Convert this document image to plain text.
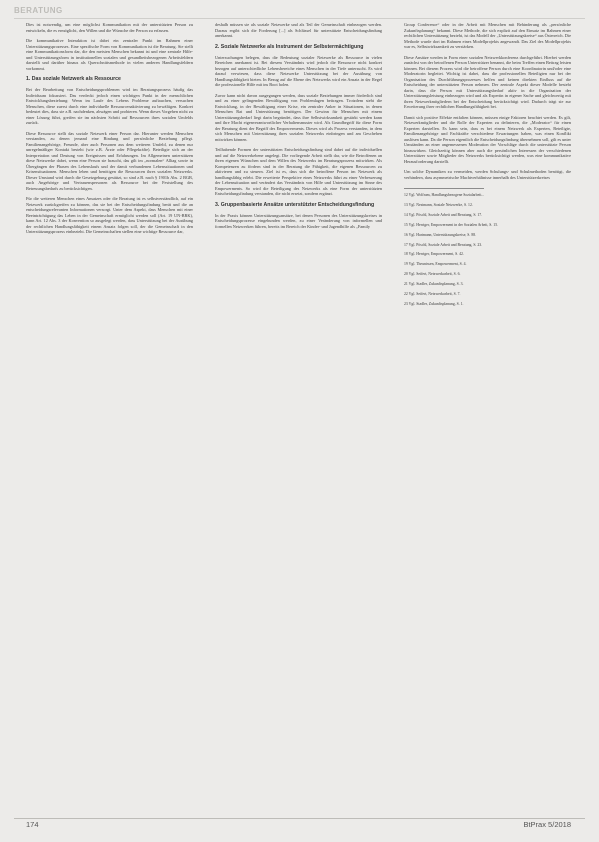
BERATUNG

Dies ist notwendig, um eine möglichst Kommunikation mit der unterstützten Person zu entwickeln, die es ermöglicht, den Willen und die Wünsche der Person zu erfassen.

Die kommunikative Interaktion ist dabei ein zentraler Punkt im Rahmen einer Unterstützungsprozesses. Eine spezifische Form von Kommunikation ist die Beratung. Sie stellt eine Kommunikationsform dar, die den meisten Menschen bekannt ist und eine zentrale Hilfe- und Unterstützungsform in institutionellen sozialen und gesundheitsbezogenen Arbeitsfeldern darstellt und darüber hinaus als Querschnittsmethode in vielen anderen Handlungsfeldern vorkommt.

1. Das soziale Netzwerk als Ressource

Bei der Bearbeitung von Entscheidungsproblemen wird im Beratungsprozess häufig das Individuum fokussiert. Das verdeckt jedoch einen wichtigen Punkt in der menschlichen Entwicklungsbeziehung: Wenn im Laufe des Lebens Probleme auftauchen, versuchen Menschen, diese zuerst durch eine individuelle Ressourcenaktivierung zu bewältigen. Konkret bedeutet dies, dass sie z.B. nachdenken, abwägen und probieren. Wenn dieses Vorgehen nicht zu einer Lösung führt, greifen sie im nächsten Schritt auf Ressourcen ihres sozialen Umfelds zurück.

Diese Ressource stellt das soziale Netzwerk einer Person dar. Hierunter werden Menschen verstanden, zu denen jemand eine Bindung und persönliche Beziehung pflegt. Familienangehörige, Freunde, aber auch Personen aus dem weiteren Umfeld, zu denen nur unregelmäßiger Kontakt besteht (wie z.B. Ärzte oder Pflegekräfte). Beteiligte sich an der Interpretation und Deutung von Ereignissen und Erfahrungen. Im Allgemeinen unterstützen diese Netzwerke dabei, wenn eine Person sie braucht, das gilt im „normalen“ Alltag sowie in Übergängen der Phasen des Lebenslaufs und der damit verbundenen Lebenssituationen und Krisensituationen. Menschen leben und benötigen die Ressourcen ihres sozialen Netzwerks. Dieser Umstand wird durch die Gesetzgebung gestützt, so sind z.B. nach § 1901b Abs. 2 BGB, auch Angehörige und Vertrauenspersonen als Ressource bei der Feststellung des Betreuungsbedarfs zu berücksichtigen.

Für die weiteren Menschen eines Ansatzes oder die Beratung ist es selbstverständlich, auf ein Netzwerk zurückgreifen zu können, das sie bei der Entscheidungsfindung berät und die an entscheidungsrelevanten Informationen versorgt. Unter dem Aspekt, dass Menschen mit einer Beeinträchtigung das Leben in der Gemeinschaft ermöglicht werden soll (Art. 19 UN-BRK), kann Art. 12 Abs. 3 der Konvention so ausgelegt werden, dass Unterstützung bei der Ausübung der rechtlichen Handlungsfähigkeit einem Ansatz folgen soll, der die Gemeinschaft in den Unterstützungsprozess einbezieht. Die Gemeinschaften stellen eine wichtige Ressource dar,

deshalb müssen sie als soziale Netzwerke und als Teil der Gemeinschaft einbezogen werden. Daraus ergibt sich die Forderung [...] als Schlüssel für unterstützte Entscheidungsfindung anerkannt.

2. Soziale Netzwerke als Instrument der Selbstermächtigung

Untersuchungen belegen, dass die Bedeutung sozialer Netzwerke als Ressource in vielen Bereichen anerkannt ist. Bei diesem Verständnis wird jedoch die Ressource nicht konkret bezogen auf unterschiedliche Lebensbereiche eines Menschen in der Tiefe untersucht. Es wird darauf verwiesen, dass diese Netzwerke Unterstützung bei der Ausübung von Handlungsfähigkeit bieten. In Bezug auf die Ebene des Netzwerks wird ein Ansatz in der Regel die professionelle Hilfe mit ins Boot holen.

Zuvor kann nicht davon ausgegangen werden, dass soziale Beziehungen immer förderlich sind und zu einer gelingenden Bewältigung von Problemlagen beitragen. Trotzdem steht die Entwicklung, in der Bewältigung einer Krise, ein zentraler Anker in Situationen, in denen Menschen Rat und Unterstützung benötigen. Der Gewinn für Menschen mit einem Unterstützungsbedarf liegt darin begründet, dass ihre Selbstwirksamkeit gestärkt werden kann und ihre Macht eigenverantwortlicher Verhaltensmuster wird. Als Grundbegriff für diese Form der Beratung dient der Begriff des Empowerments. Dieses wird als Prozess verstanden, in dem sich Menschen mit Unterstützung ihres sozialen Netzwerks einbringen und am Geschehen mitwirken können.

Teilhabende Formen der unterstützten Entscheidungsfindung sind dabei auf die individuellen und auf die Netzwerkebene angelegt. Die vorliegende Arbeit stellt dar, wie die Betroffenen an ihren eigenen Wünschen und dem Willen des Netzwerks im Beratungsprozess mitwirken. Als Kompetenzen zu fördern sind in der Beratung die Fähigkeit, die eigenen Ressourcen zu aktivieren und zu steuern. Ziel ist es, dass sich die betroffene Person im Netzwerk als handlungsfähig erlebt. Die erweiterte Perspektive eines Netzwerks führt zu einer Verbesserung der Lebenssituation und verändert das Verständnis von Hilfe und Unterstützung im Sinne des Empowerments. So wird die Beteiligung des Netzwerks als eine Form der unterstützten Entscheidungsfindung verstanden, die nicht ersetzt, sondern ergänzt.

3. Gruppenbasierte Ansätze unterstützter Entscheidungsfindung

In der Praxis können Unterstützungsansätze, bei denen Personen des Unterstützungskreises in Entscheidungsprozesse eingebunden werden, zu einer Veränderung von informellen und formellen Netzwerken führen, bereits im Bereich der Kinder- und Jugendhilfe als „Family

Group Conference“ oder in der Arbeit mit Menschen mit Behinderung als „persönliche Zukunftsplanung“ bekannt. Diese Methode, die sich explizit auf den Einsatz im Rahmen einer rechtlichen Unterstützung bezieht, ist das Modell der „Unterstützungskreise“ aus Österreich. Die Methode wurde dort im Rahmen eines Modellprojekts angewandt. Das Ziel des Modellprojekts war es, Selbstwirksamkeit zu verstärken.

Diese Ansätze werden in Form einer sozialen Netzwerkkonferenz durchgeführt. Hierbei werden zunächst von der betroffenen Person Unterstützer benannt, die beim Treffen einen Beitrag leisten können. Bei diesem Prozess wird die betroffene Person durch eine Koordinatorin und/oder eine Moderatorin begleitet. Wichtig ist dabei, dass die professionellen Beteiligten nur bei der Organisation des Durchführungsprozesses helfen und keinen direkten Einfluss auf die Entscheidung der unterstützten Person nehmen. Der zentrale Aspekt dieser Modelle besteht darin, dass die Person mit Unterstützungsbedarf aktiv in die Organisation der Unterstützungsleistung einbezogen wird und als Expertin in eigener Sache und gleichwertig mit ihren Netzwerkmitgliedern bei der Entscheidung berücksichtigt wird. Dadurch trägt sie zur Erweiterung ihrer rechtlichen Handlungsfähigkeit bei.

Damit sich positive Effekte entfalten können, müssen einige Faktoren beachtet werden. Es gilt, Netzwerkmitglieder und die Rolle der Experten zu definieren, die „Moderator“ für einen Experten darstellen. Es kann sein, dass es bei einem Netzwerk als Experten, Beteiligte, Familienangehörige und Fachkräfte verschiedene Erwartungen haben, was einen Konflikt auslösen kann. Da die Person eigentlich die Entscheidungsfindung übernehmen soll, gilt es unter Umständen an einer angemessenen Moderation der Vorschläge durch die unterstützte Person hinzuwirken. Gleichzeitig können aber auch die persönlichen Interessen der verschiedenen Unterstützer sowie Mitglieder des Netzwerks berücksichtigt werden, was eine kommunikative Herausforderung darstellt.

Um solche Dynamiken zu vermeiden, werden Schulungs- und Schulmethoden benötigt, die verhindern, dass asymmetrische Machtverhältnisse innerhalb des Unterstützerkreises

12 Vgl. Wolfram, Handlungsbezogene Sozialarbeit...

13 Vgl. Nestmann, Soziale Netzwerke, S. 12.

14 Vgl. Pöschl, Soziale Arbeit und Beratung, S. 17.

15 Vgl. Herriger, Empowerment in der Sozialen Arbeit, S. 15.

16 Vgl. Hartmann, Unterstützungskreise, S. 88.

17 Vgl. Pöschl, Soziale Arbeit und Beratung, S. 23.

18 Vgl. Herriger, Empowerment, S. 42.

19 Vgl. Theunissen, Empowerment, S. 4.

20 Vgl. Seifert, Netzwerkarbeit, S. 6.

21 Vgl. Stadler, Zukunftsplanung, S. 3.

22 Vgl. Seifert, Netzwerkarbeit, S. 7.

23 Vgl. Stadler, Zukunftsplanung, S. 1.

174	BtPrax 5/2018
